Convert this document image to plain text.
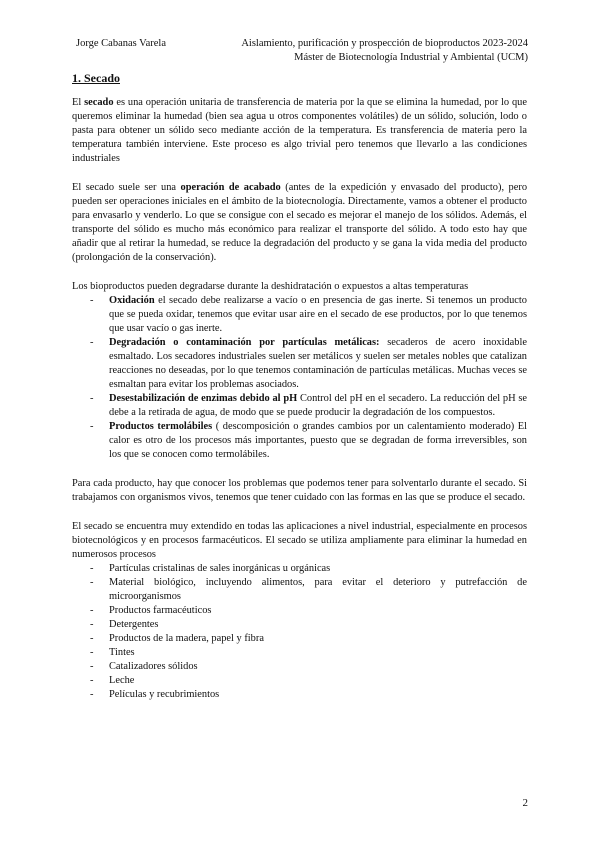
Jorge Cabanas Varela	Aislamiento, purificación y prospección de bioproductos 2023-2024
Máster de Biotecnología Industrial y Ambiental (UCM)
1. Secado

El secado es una operación unitaria de transferencia de materia por la que se elimina la humedad, por lo que queremos eliminar la humedad (bien sea agua u otros componentes volátiles) de un sólido, solución, lodo o pasta para obtener un sólido seco mediante acción de la temperatura. Es transferencia de materia pero la temperatura también interviene. Este proceso es algo trivial pero tenemos que llevarlo a las condiciones industriales

El secado suele ser una operación de acabado (antes de la expedición y envasado del producto), pero pueden ser operaciones iniciales en el ámbito de la biotecnología. Directamente, vamos a obtener el producto para envasarlo y venderlo. Lo que se consigue con el secado es mejorar el manejo de los sólidos. Además, el transporte del sólido es mucho más económico para realizar el transporte del sólido. A todo esto hay que añadir que al retirar la humedad, se reduce la degradación del producto y se gana la vida media del producto (prolongación de la conservación).

Los bioproductos pueden degradarse durante la deshidratación o expuestos a altas temperaturas

- Oxidación el secado debe realizarse a vacío o en presencia de gas inerte. Si tenemos un producto que se pueda oxidar, tenemos que evitar usar aire en el secado de ese productos, por lo que tenemos que usar vacío o gas inerte.
- Degradación o contaminación por partículas metálicas: secaderos de acero inoxidable esmaltado. Los secadores industriales suelen ser metálicos y suelen ser metales nobles que catalizan reacciones no deseadas, por lo que tenemos contaminación de partículas metálicas. Muchas veces se esmaltan para evitar los problemas asociados.
- Desestabilización de enzimas debido al pH Control del pH en el secadero. La reducción del pH se debe a la retirada de agua, de modo que se puede producir la degradación de los compuestos.
- Productos termolábiles ( descomposición o grandes cambios por un calentamiento moderado) El calor es otro de los procesos más importantes, puesto que se degradan de forma irreversibles, son los que se conocen como termolábiles.

Para cada producto, hay que conocer los problemas que podemos tener para solventarlo durante el secado. Si trabajamos con organismos vivos, tenemos que tener cuidado con las formas en las que se produce el secado.

El secado se encuentra muy extendido en todas las aplicaciones a nivel industrial, especialmente en procesos biotecnológicos y en procesos farmacéuticos. El secado se utiliza ampliamente para eliminar la humedad en numerosos procesos

- Partículas cristalinas de sales inorgánicas u orgánicas
- Material biológico, incluyendo alimentos, para evitar el deterioro y putrefacción de microorganismos
- Productos farmacéuticos
- Detergentes
- Productos de la madera, papel y fibra
- Tintes
- Catalizadores sólidos
- Leche
- Películas y recubrimientos
2
